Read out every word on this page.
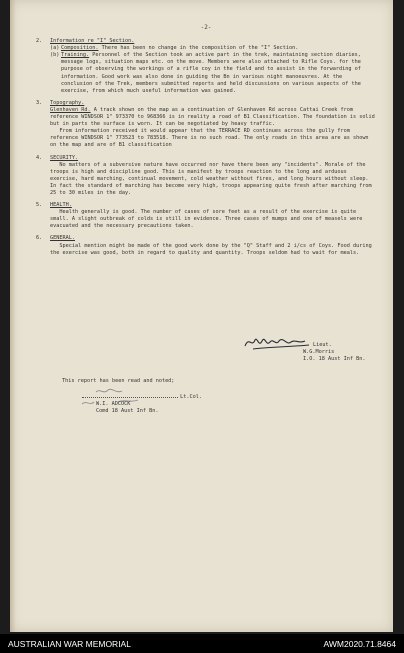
-2-
2.	Information re "I" Section.
(a) Composition. There has been no change in the composition of the "I" Section.
(b) Training. Personnel of the Section took an active part in the trek, maintaining section diaries, message logs, situation maps etc. on the move. Members were also attached to Rifle Coys. for the purpose of observing the workings of a rifle coy in the field and to assist in the forwarding of information. Good work was also done in guiding the Bn in various night manoeuvres. At the conclusion of the Trek, members submitted reports and held discussions on various aspects of the exercise, from which much useful information was gained.
3.	Topography.

Glenhaven Rd. A track shown on the map as a continuation of Glenhaven Rd across Cattai Creek from reference WINDSOR 1" 973370 to 968366 is in reality a road of B1 Classification. The foundation is solid but in parts the surface is worn. It can be negotiated by heavy traffic.

From information received it would appear that the TERRACE RD continues across the gully from reference WINDSOR 1" 773523 to 783518. There is no such road. The only roads in this area are as shown on the map and are of B1 classification

4.	SECURITY.

No matters of a subversive nature have occurred nor have there been any "incidents". Morale of the troops is high and discipline good. This is manifest by troops reaction to the long and arduous exercise, hard marching, continual movement, cold weather without fires, and long hours without sleep. In fact the standard of marching has become very high, troops appearing quite fresh after marching from 25 to 30 miles in the day.

5.	HEALTH.

Health generally is good. The number of cases of sore feet as a result of the exercise is quite small. A slight outbreak of colds is still in evidence. Three cases of mumps and one of measels were evacuated and the necessary precautions taken.

6.	GENERAL.

Special mention might be made of the good work done by the "Q" Staff and 2 i/cs of Coys. Food during the exercise was good, both in regard to quality and quantity. Troops seldom had to wait for meals.

Lieut.
W.G.Morris
I.O. 18 Aust Inf Bn.
This report has been read and noted;
Lt.Col.
W.I. ADCOCK
Comd 18 Aust Inf Bn.
AUSTRALIAN WAR MEMORIAL	AWM2020.71.8464
